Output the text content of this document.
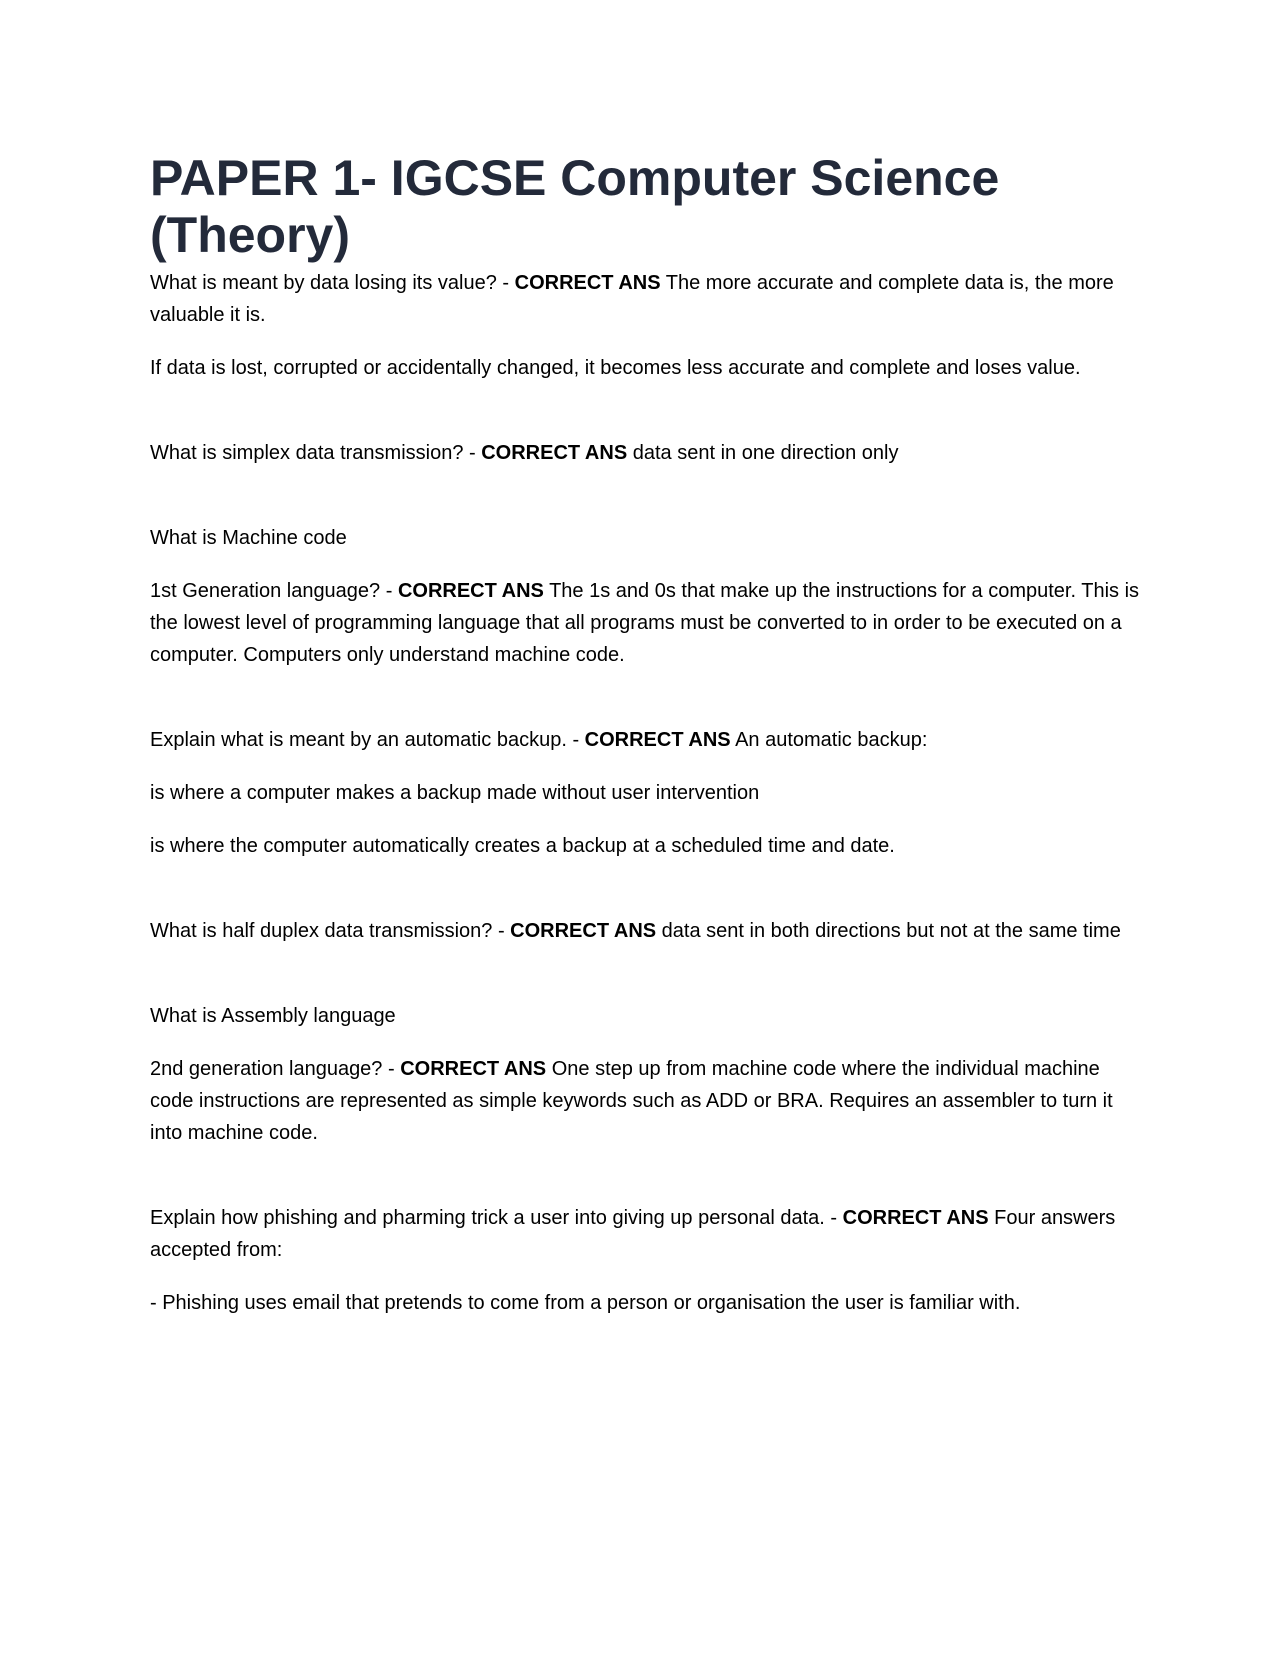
PAPER 1- IGCSE Computer Science (Theory)

What is meant by data losing its value? - CORRECT ANS The more accurate and complete data is, the more valuable it is.

If data is lost, corrupted or accidentally changed, it becomes less accurate and complete and loses value.

What is simplex data transmission? - CORRECT ANS data sent in one direction only

What is Machine code

1st Generation language? - CORRECT ANS The 1s and 0s that make up the instructions for a computer. This is the lowest level of programming language that all programs must be converted to in order to be executed on a computer. Computers only understand machine code.

Explain what is meant by an automatic backup. - CORRECT ANS An automatic backup:

is where a computer makes a backup made without user intervention

is where the computer automatically creates a backup at a scheduled time and date.

What is half duplex data transmission? - CORRECT ANS data sent in both directions but not at the same time

What is Assembly language

2nd generation language? - CORRECT ANS One step up from machine code where the individual machine code instructions are represented as simple keywords such as ADD or BRA. Requires an assembler to turn it into machine code.

Explain how phishing and pharming trick a user into giving up personal data. - CORRECT ANS Four answers accepted from:

- Phishing uses email that pretends to come from a person or organisation the user is familiar with.
